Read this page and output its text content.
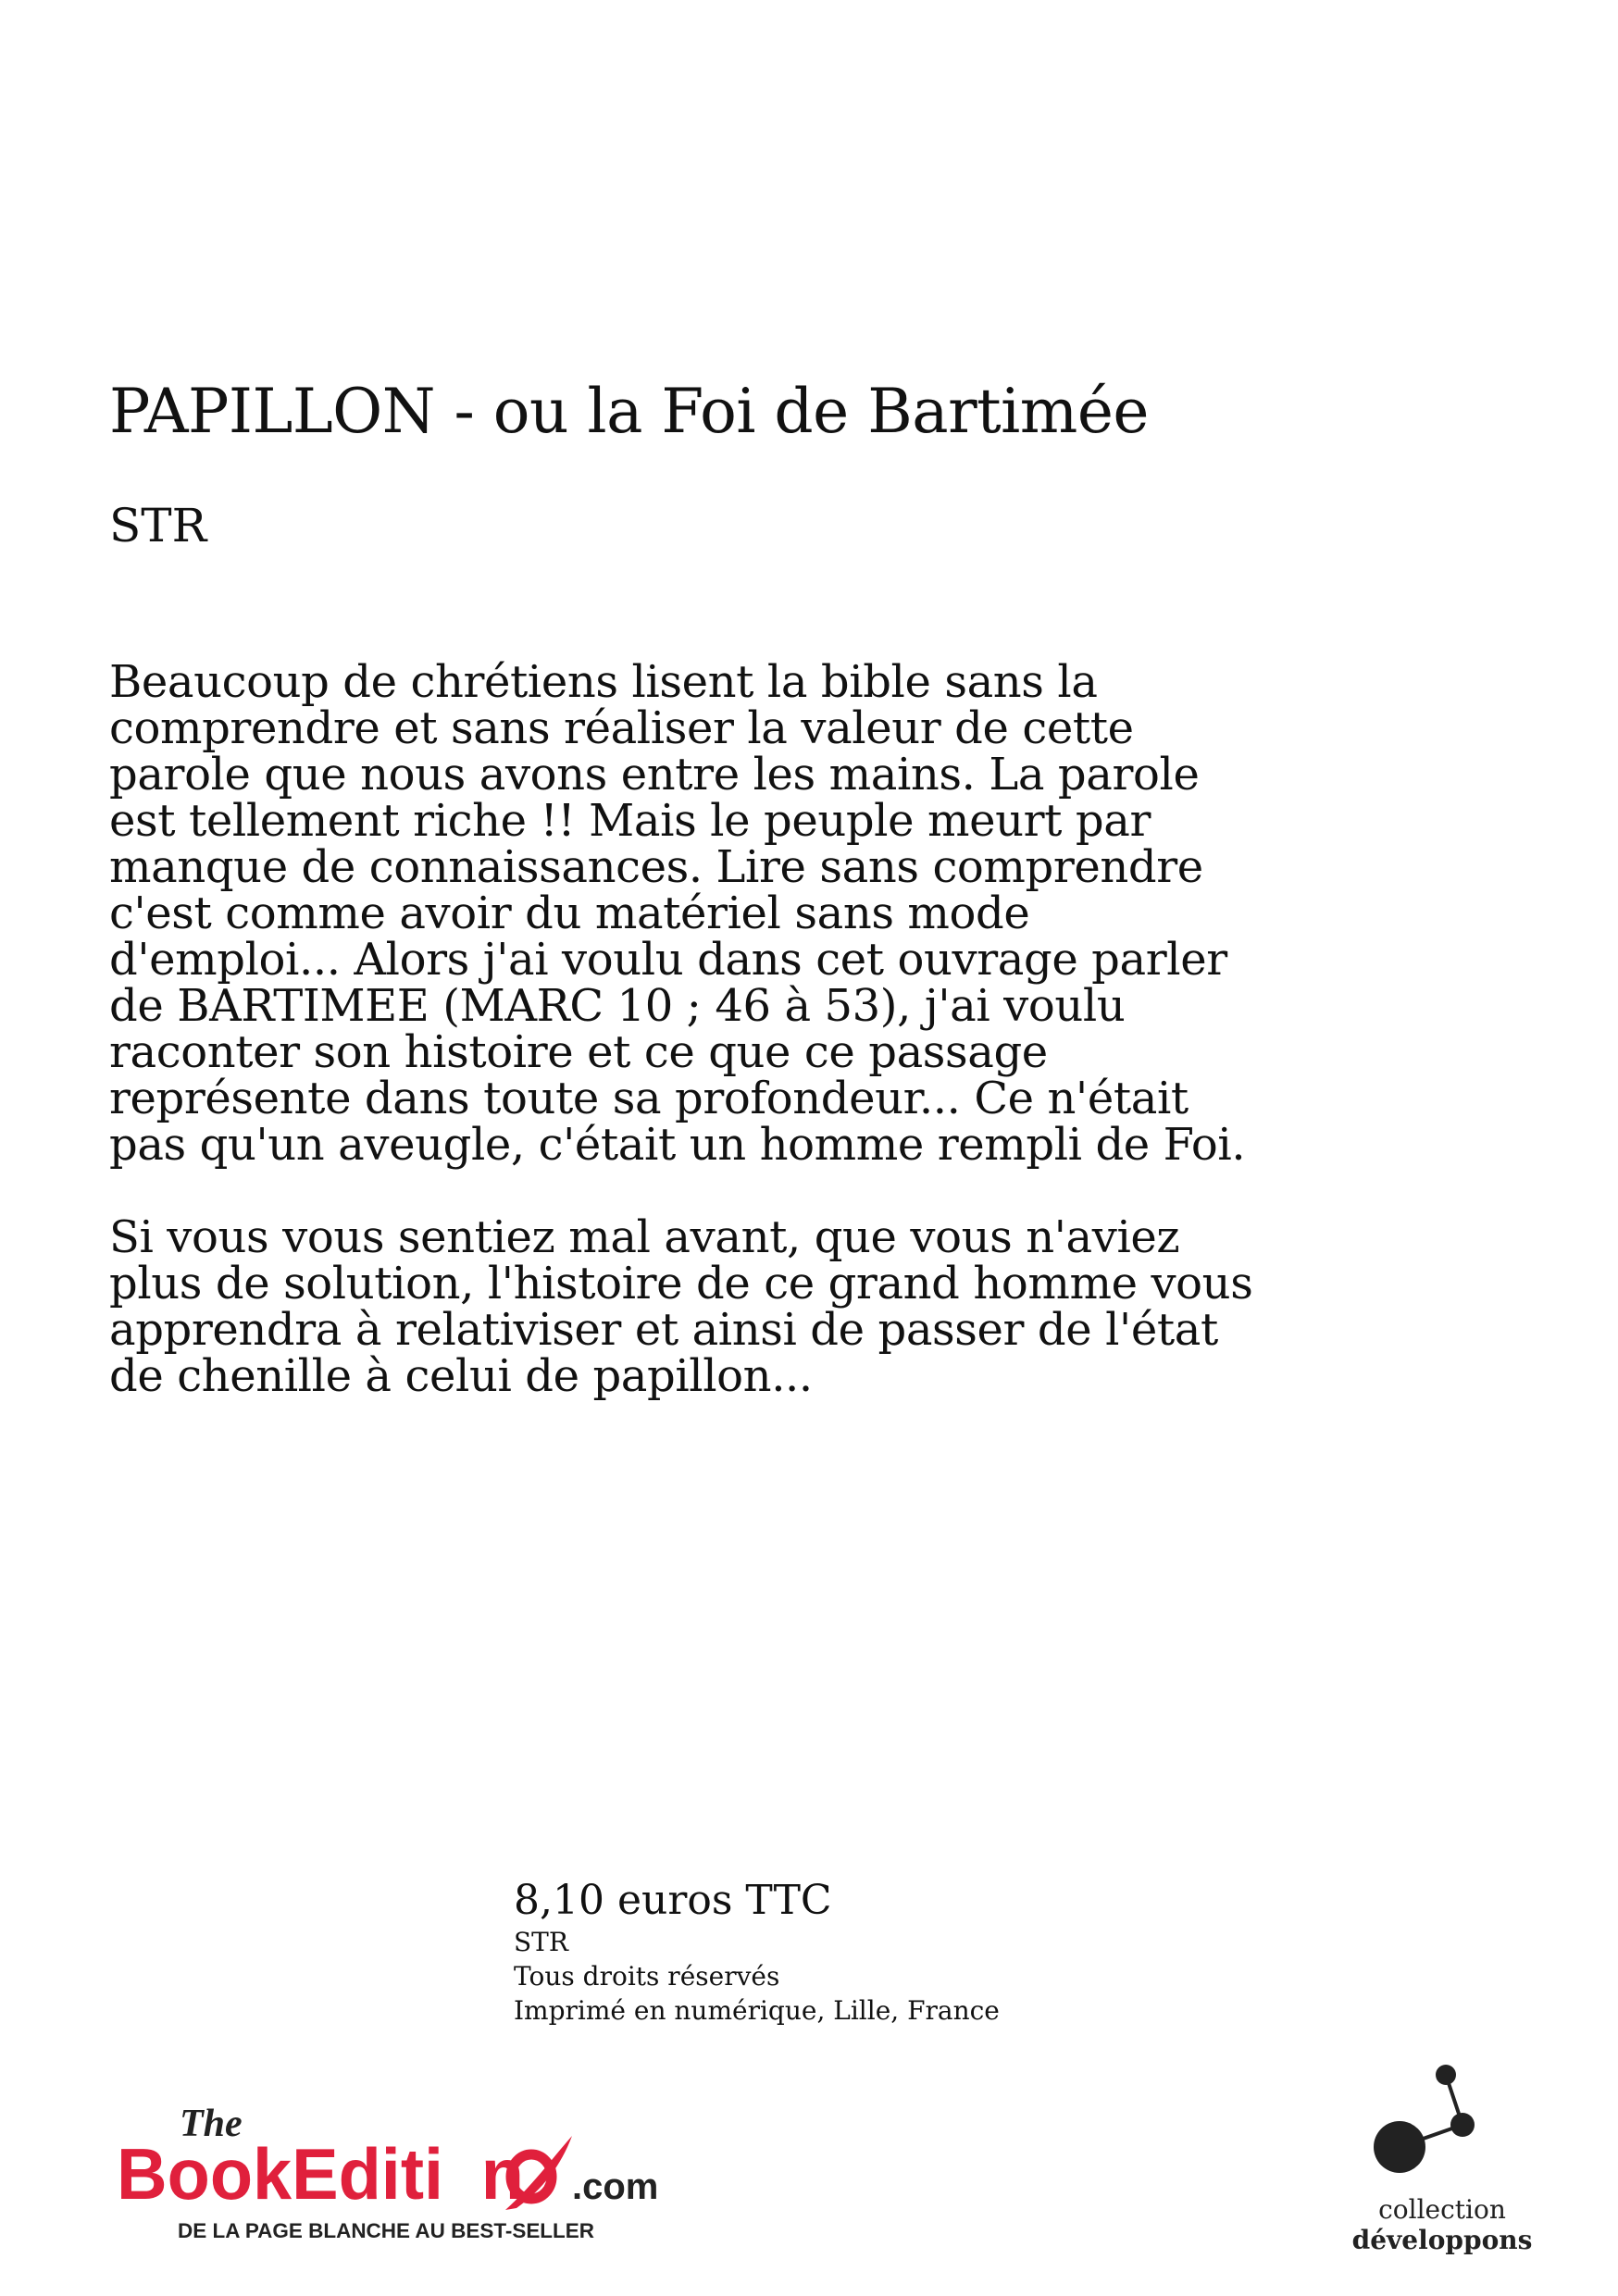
PAPILLON - ou la Foi de Bartimée
STR

Beaucoup de chrétiens lisent la bible sans la comprendre et sans réaliser la valeur de cette parole que nous avons entre les mains. La parole est tellement riche !! Mais le peuple meurt par manque de connaissances. Lire sans comprendre c'est comme avoir du matériel sans mode d'emploi... Alors j'ai voulu dans cet ouvrage parler de BARTIMEE (MARC 10 ; 46 à 53), j'ai voulu raconter son histoire et ce que ce passage représente dans toute sa profondeur... Ce n'était pas qu'un aveugle, c'était un homme rempli de Foi.

Si vous vous sentiez mal avant, que vous n'aviez plus de solution, l'histoire de ce grand homme vous apprendra à relativiser et ainsi de passer de l'état de chenille à celui de papillon...

8,10 euros TTC
STR
Tous droits réservés
Imprimé en numérique, Lille, France
The
BookEditi n .com
DE LA PAGE BLANCHE AU BEST-SELLER
collection
développons
